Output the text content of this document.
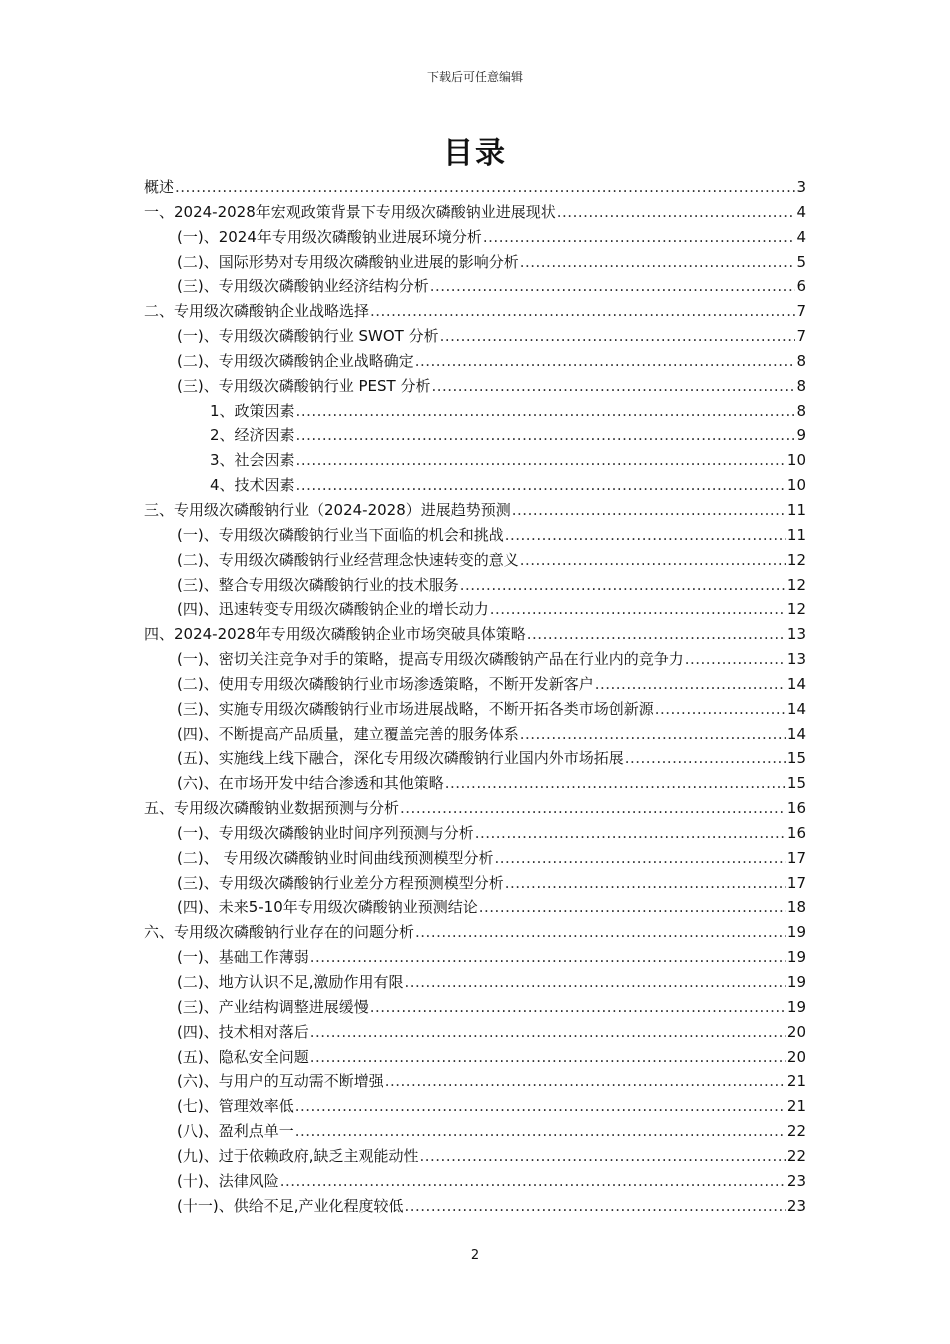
下载后可任意编辑
目录
概述 .....	3
一、2024-2028年宏观政策背景下专用级次磷酸钠业进展现状 .....	4
(一)、2024年专用级次磷酸钠业进展环境分析 .....	4
(二)、国际形势对专用级次磷酸钠业进展的影响分析 .....	5
(三)、专用级次磷酸钠业经济结构分析 .....	6
二、专用级次磷酸钠企业战略选择 .....	7
(一)、专用级次磷酸钠行业 SWOT 分析 .....	7
(二)、专用级次磷酸钠企业战略确定 .....	8
(三)、专用级次磷酸钠行业 PEST 分析 .....	8
1、政策因素 .....	8
2、经济因素 .....	9
3、社会因素 .....	10
4、技术因素 .....	10
三、专用级次磷酸钠行业（2024-2028）进展趋势预测 .....	11
(一)、专用级次磷酸钠行业当下面临的机会和挑战 .....	11
(二)、专用级次磷酸钠行业经营理念快速转变的意义 .....	12
(三)、整合专用级次磷酸钠行业的技术服务 .....	12
(四)、迅速转变专用级次磷酸钠企业的增长动力 .....	12
四、2024-2028年专用级次磷酸钠企业市场突破具体策略 .....	13
(一)、密切关注竞争对手的策略，提高专用级次磷酸钠产品在行业内的竞争力 .....	13
(二)、使用专用级次磷酸钠行业市场渗透策略，不断开发新客户 .....	14
(三)、实施专用级次磷酸钠行业市场进展战略，不断开拓各类市场创新源 .....	14
(四)、不断提高产品质量，建立覆盖完善的服务体系 .....	14
(五)、实施线上线下融合，深化专用级次磷酸钠行业国内外市场拓展 .....	15
(六)、在市场开发中结合渗透和其他策略 .....	15
五、专用级次磷酸钠业数据预测与分析 .....	16
(一)、专用级次磷酸钠业时间序列预测与分析 .....	16
(二)、 专用级次磷酸钠业时间曲线预测模型分析 .....	17
(三)、专用级次磷酸钠行业差分方程预测模型分析 .....	17
(四)、未来5-10年专用级次磷酸钠业预测结论 .....	18
六、专用级次磷酸钠行业存在的问题分析 .....	19
(一)、基础工作薄弱 .....	19
(二)、地方认识不足,激励作用有限 .....	19
(三)、产业结构调整进展缓慢 .....	19
(四)、技术相对落后 .....	20
(五)、隐私安全问题 .....	20
(六)、与用户的互动需不断增强 .....	21
(七)、管理效率低 .....	21
(八)、盈利点单一 .....	22
(九)、过于依赖政府,缺乏主观能动性 .....	22
(十)、法律风险 .....	23
(十一)、供给不足,产业化程度较低 .....	23
2
